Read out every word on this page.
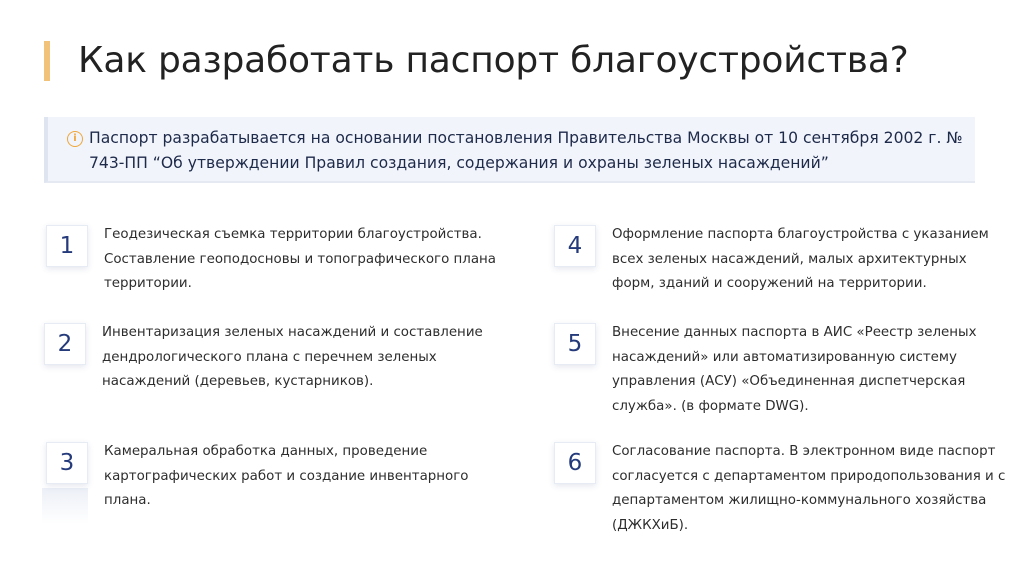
Как разработать паспорт благоустройства?
i Паспорт разрабатывается на основании постановления Правительства Москвы от 10 сентября 2002 г. № 743-ПП “Об утверждении Правил создания, содержания и охраны зеленых насаждений”

1	Геодезическая съемка территории благоустройства. Составление геоподосновы и топографического плана территории.

2	Инвентаризация зеленых насаждений и составление дендрологического плана с перечнем зеленых насаждений (деревьев, кустарников).

3	Камеральная обработка данных, проведение картографических работ и создание инвентарного плана.

4	Оформление паспорта благоустройства с указанием всех зеленых насаждений, малых архитектурных форм, зданий и сооружений на территории.

5	Внесение данных паспорта в АИС «Реестр зеленых насаждений» или автоматизированную систему управления (АСУ) «Объединенная диспетчерская служба». (в формате DWG).

6	Согласование паспорта. В электронном виде паспорт согласуется с департаментом природопользования и с департаментом жилищно-коммунального хозяйства (ДЖКХиБ).
